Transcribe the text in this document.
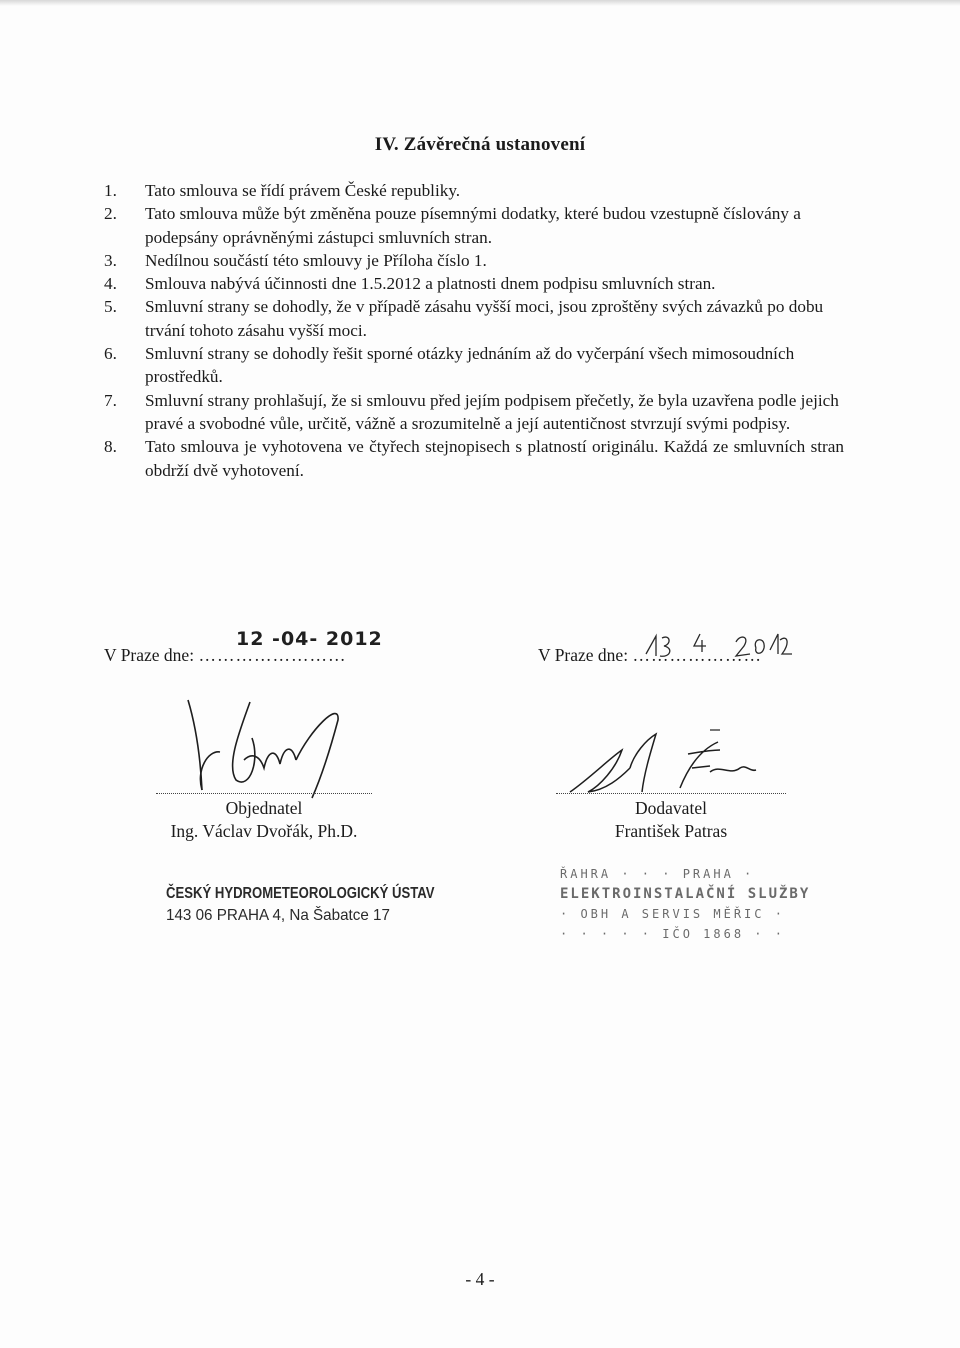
IV. Závěrečná ustanovení
1. Tato smlouva se řídí právem České republiky.
2. Tato smlouva může být změněna pouze písemnými dodatky, které budou vzestupně číslovány a podepsány oprávněnými zástupci smluvních stran.
3. Nedílnou součástí této smlouvy je Příloha číslo 1.
4. Smlouva nabývá účinnosti dne 1.5.2012 a platnosti dnem podpisu smluvních stran.
5. Smluvní strany se dohodly, že v případě zásahu vyšší moci, jsou zproštěny svých závazků po dobu trvání tohoto zásahu vyšší moci.
6. Smluvní strany se dohodly řešit sporné otázky jednáním až do vyčerpání všech mimosoudních prostředků.
7. Smluvní strany prohlašují, že si smlouvu před jejím podpisem přečetly, že byla uzavřena podle jejich pravé a svobodné vůle, určitě, vážně a srozumitelně a její autentičnost stvrzují svými podpisy.
8. Tato smlouva je vyhotovena ve čtyřech stejnopisech s platností originálu. Každá ze smluvních stran obdrží dvě vyhotovení.
12 -04- 2012
V Praze dne: ……………………
Objednatel
Ing. Václav Dvořák, Ph.D.
ČESKÝ HYDROMETEOROLOGICKÝ ÚSTAV
143 06 PRAHA 4, Na Šabatce 17
V Praze dne: …………………
Dodavatel
František Patras
ŘAHRA · · · PRAHA ·
ELEKTROINSTALAČNÍ SLUŽBY
· OBH A SERVIS MĚŘIC ·
· · · · · IČO 1868 · ·
- 4 -
